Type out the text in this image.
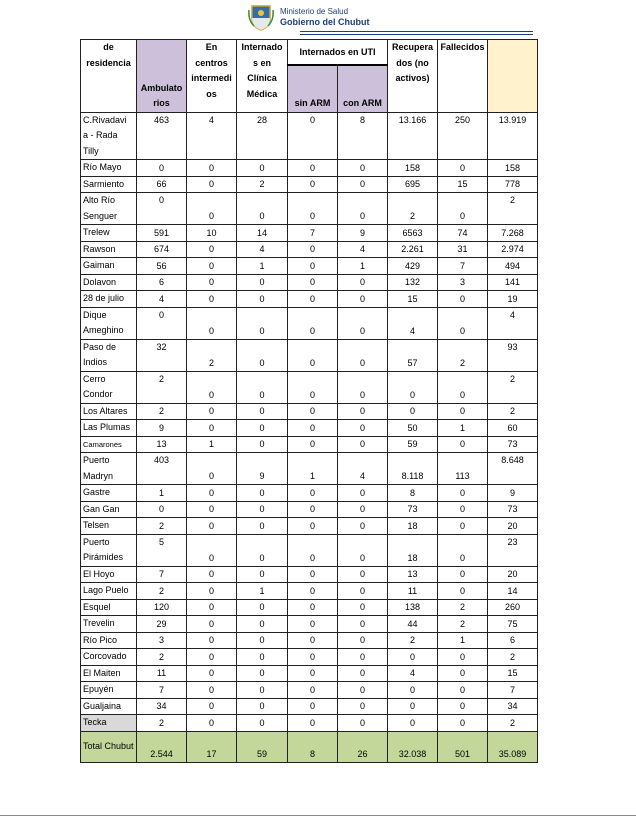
Ministerio de Salud
Gobierno del Chubut
de residencia	Ambulato rios	En centros intermedi os	Internado s en Clínica Médica	Internados en UTI		Recupera dos (no activos)	Fallecidos	
				sin ARM	con ARM			
C.Rivadavi a - Rada Tilly	463	4	28	0	8	13.166	250	13.919
Río Mayo	0	0	0	0	0	158	0	158
Sarmiento	66	0	2	0	0	695	15	778
Alto Río Senguer	0	0	0	0	0	2	0	2
Trelew	591	10	14	7	9	6563	74	7.268
Rawson	674	0	4	0	4	2.261	31	2.974
Gaiman	56	0	1	0	1	429	7	494
Dolavon	6	0	0	0	0	132	3	141
28 de julio	4	0	0	0	0	15	0	19
Dique Ameghino	0	0	0	0	0	4	0	4
Paso de Indios	32	2	0	0	0	57	2	93
Cerro Condor	2	0	0	0	0	0	0	2
Los Altares	2	0	0	0	0	0	0	2
Las Plumas	9	0	0	0	0	50	1	60
Camarones	13	1	0	0	0	59	0	73
Puerto Madryn	403	0	9	1	4	8.118	113	8.648
Gastre	1	0	0	0	0	8	0	9
Gan Gan	0	0	0	0	0	73	0	73
Telsen	2	0	0	0	0	18	0	20
Puerto Pirámides	5	0	0	0	0	18	0	23
El Hoyo	7	0	0	0	0	13	0	20
Lago Puelo	2	0	1	0	0	11	0	14
Esquel	120	0	0	0	0	138	2	260
Trevelin	29	0	0	0	0	44	2	75
Río Pico	3	0	0	0	0	2	1	6
Corcovado	2	0	0	0	0	0	0	2
El Maiten	11	0	0	0	0	4	0	15
Epuyén	7	0	0	0	0	0	0	7
Gualjaina	34	0	0	0	0	0	0	34
Tecka	2	0	0	0	0	0	0	2
Total Chubut	2.544	17	59	8	26	32.038	501	35.089
